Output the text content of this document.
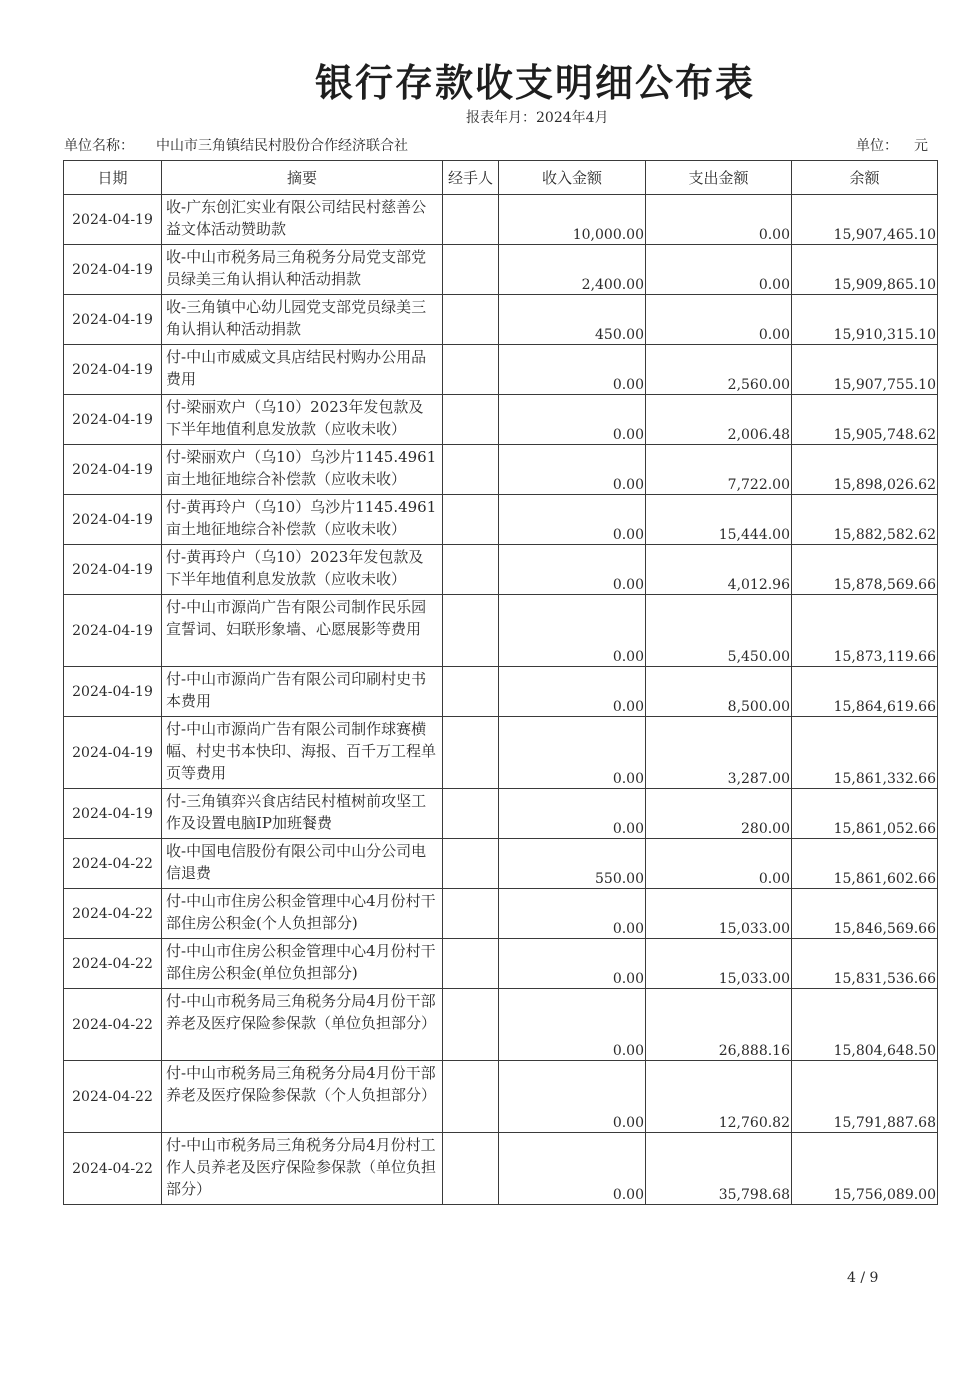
银行存款收支明细公布表
报表年月：2024年4月
单位名称： 中山市三角镇结民村股份合作经济联合社	单位： 元
日期	摘要	经手人	收入金额	支出金额	余额
2024-04-19	收-广东创汇实业有限公司结民村慈善公益文体活动赞助款		10,000.00	0.00	15,907,465.10
2024-04-19	收-中山市税务局三角税务分局党支部党员绿美三角认捐认种活动捐款		2,400.00	0.00	15,909,865.10
2024-04-19	收-三角镇中心幼儿园党支部党员绿美三角认捐认种活动捐款		450.00	0.00	15,910,315.10
2024-04-19	付-中山市威威文具店结民村购办公用品费用		0.00	2,560.00	15,907,755.10
2024-04-19	付-梁丽欢户（乌10）2023年发包款及下半年地值利息发放款（应收未收）		0.00	2,006.48	15,905,748.62
2024-04-19	付-梁丽欢户（乌10）乌沙片1145.4961亩土地征地综合补偿款（应收未收）		0.00	7,722.00	15,898,026.62
2024-04-19	付-黄再玲户（乌10）乌沙片1145.4961亩土地征地综合补偿款（应收未收）		0.00	15,444.00	15,882,582.62
2024-04-19	付-黄再玲户（乌10）2023年发包款及下半年地值利息发放款（应收未收）		0.00	4,012.96	15,878,569.66
2024-04-19	付-中山市源尚广告有限公司制作民乐园宣誓词、妇联形象墙、心愿展影等费用		0.00	5,450.00	15,873,119.66
2024-04-19	付-中山市源尚广告有限公司印刷村史书本费用		0.00	8,500.00	15,864,619.66
2024-04-19	付-中山市源尚广告有限公司制作球赛横幅、村史书本快印、海报、百千万工程单页等费用		0.00	3,287.00	15,861,332.66
2024-04-19	付-三角镇弈兴食店结民村植树前攻坚工作及设置电脑IP加班餐费		0.00	280.00	15,861,052.66
2024-04-22	收-中国电信股份有限公司中山分公司电信退费		550.00	0.00	15,861,602.66
2024-04-22	付-中山市住房公积金管理中心4月份村干部住房公积金(个人负担部分)		0.00	15,033.00	15,846,569.66
2024-04-22	付-中山市住房公积金管理中心4月份村干部住房公积金(单位负担部分)		0.00	15,033.00	15,831,536.66
2024-04-22	付-中山市税务局三角税务分局4月份干部养老及医疗保险参保款（单位负担部分）		0.00	26,888.16	15,804,648.50
2024-04-22	付-中山市税务局三角税务分局4月份干部养老及医疗保险参保款（个人负担部分）		0.00	12,760.82	15,791,887.68
2024-04-22	付-中山市税务局三角税务分局4月份村工作人员养老及医疗保险参保款（单位负担部分）		0.00	35,798.68	15,756,089.00
4 / 9
